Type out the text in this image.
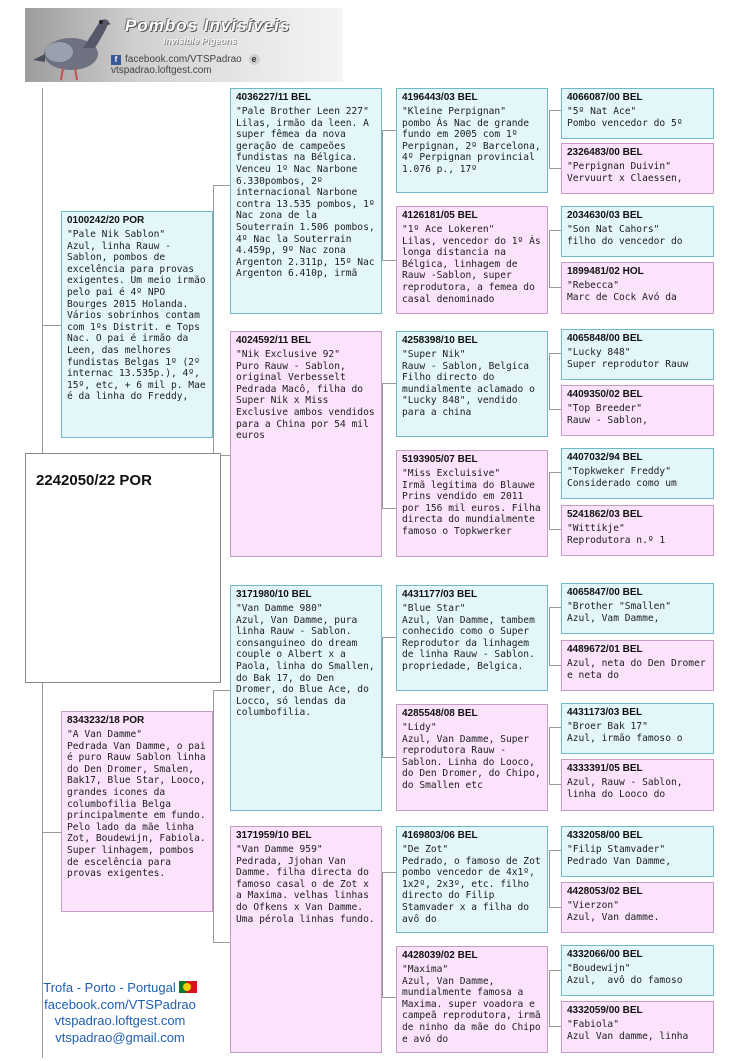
Pombos Invisíveis
Invisible Pigeons
f facebook.com/VTSPadrao evtspadrao.loftgest.com
2242050/22 POR
0100242/20 POR
"Pale Nik Sablon"
Azul, linha Rauw - Sablon, pombos de excelência para provas exigentes. Um meio irmão pelo pai é 4º NPO Bourges 2015 Holanda. Vários sobrinhos contam com 1ºs Distrit. e Tops Nac. O pai é irmão da Leen, das melhores fundistas Belgas 1º (2º internac 13.535p.), 4º, 15º, etc, + 6 mil p. Mae é da linha do Freddy,
8343232/18 POR
"A Van Damme"
Pedrada Van Damme, o pai é puro Rauw Sablon linha do Den Dromer, Smalen, Bak17, Blue Star, Looco, grandes icones da columbofilia Belga principalmente em fundo. Pelo lado da mãe linha Zot, Boudewijn, Fabiola. Super linhagem, pombos de escelência para provas exigentes.
4036227/11 BEL
"Pale Brother Leen 227"
Lilas, irmão da leen. A super fêmea da nova geração de campeões fundistas na Bélgica. Venceu 1º Nac Narbone 6.330pombos, 2º internacional Narbone contra 13.535 pombos, 1º Nac zona de la Souterrain 1.506 pombos, 4º Nac la Souterrain 4.459p, 9º Nac zona Argenton 2.311p, 15º Nac Argenton 6.410p, irmã
4024592/11 BEL
"Nik Exclusive 92"
Puro Rauw - Sablon, original Verbesselt Pedrada Macô, filha do Super Nik x Miss Exclusive ambos vendidos para a China por 54 mil euros
3171980/10 BEL
"Van Damme 980"
Azul, Van Damme, pura linha Rauw - Sablon. consanguineo do dream couple o Albert x a Paola, linha do Smallen, do Bak 17, do Den Dromer, do Blue Ace, do Locco, só lendas da columbofilia.
3171959/10 BEL
"Van Damme 959"
Pedrada, Jjohan Van Damme. filha directa do famoso casal o de Zot x a Maxima. velhas linhas do Ofkens x Van Damme. Uma pérola linhas fundo.
4196443/03 BEL
"Kleine Perpignan"
pombo Ás Nac de grande fundo em 2005 com 1º Perpignan, 2º Barcelona, 4º Perpignan provincial 1.076 p., 17º
4126181/05 BEL
"1º Ace Lokeren"
Lilas, vencedor do 1º Ás longa distancia na Bélgica, linhagem de Rauw -Sablon, super reprodutora, a femea do casal denominado
4258398/10 BEL
"Super Nik"
Rauw - Sablon, Belgica  Filho directo do mundialmente aclamado o "Lucky 848", vendido para a china
5193905/07 BEL
"Miss Excluisive"
Irmã legitima do Blauwe Prins vendido em 2011 por 156 mil euros. Filha directa do mundialmente famoso o Topkwerker
4431177/03 BEL
"Blue Star"
Azul, Van Damme, tambem conhecido como o Super Reprodutor da linhagem de linha Rauw - Sablon. propriedade, Belgica.
4285548/08 BEL
"Lidy"
Azul, Van Damme, Super reprodutora Rauw - Sablon. Linha do Looco, do Den Dromer, do Chipo, do Smallen etc
4169803/06 BEL
"De Zot"
Pedrado, o famoso de Zot pombo vencedor de 4x1º, 1x2º, 2x3º, etc. filho directo do Filip Stamvader x a filha do avô do
4428039/02 BEL
"Maxima"
Azul, Van Damme, mundialmente famosa a Maxima. super voadora e campeã reprodutora, irmã de ninho da mãe do Chipo e avó do
4066087/00 BEL
"5º Nat Ace"
Pombo vencedor do 5º
2326483/00 BEL
"Perpignan Duivin"
Vervuurt x Claessen,
2034630/03 BEL
"Son Nat Cahors"
filho do vencedor do
1899481/02 HOL
"Rebecca"
Marc de Cock Avó da
4065848/00 BEL
"Lucky 848"
Super reprodutor Rauw
4409350/02 BEL
"Top Breeder"
Rauw - Sablon,
4407032/94 BEL
"Topkweker Freddy"
Considerado como um
5241862/03 BEL
"Wittikje"
Reprodutora n.º 1
4065847/00 BEL
"Brother "Smallen"
Azul, Vam Damme,
4489672/01 BEL
Azul, neta do Den Dromer e neta do
4431173/03 BEL
"Broer Bak 17"
Azul, irmão famoso o
4333391/05 BEL
Azul, Rauw - Sablon, linha do Looco do
4332058/00 BEL
"Filip Stamvader"
Pedrado Van Damme,
4428053/02 BEL
"Vierzon"
Azul, Van damme.
4332066/00 BEL
"Boudewijn"
Azul,  avô do famoso
4332059/00 BEL
"Fabiola"
Azul Van damme, linha
Trofa - Porto - Portugal
facebook.com/VTSPadrao
vtspadrao.loftgest.com
vtspadrao@gmail.com
